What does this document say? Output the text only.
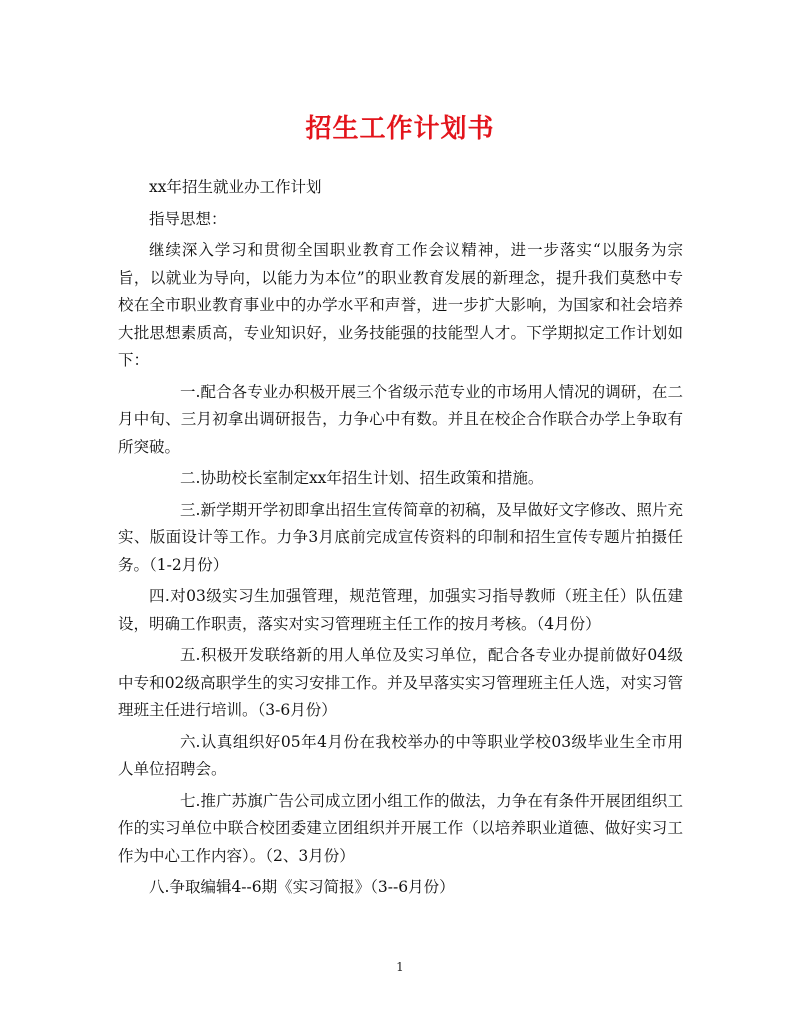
招生工作计划书

xx年招生就业办工作计划

指导思想：

继续深入学习和贯彻全国职业教育工作会议精神，进一步落实“以服务为宗旨，以就业为导向，以能力为本位”的职业教育发展的新理念，提升我们莫愁中专校在全市职业教育事业中的办学水平和声誉，进一步扩大影响，为国家和社会培养大批思想素质高，专业知识好，业务技能强的技能型人才。下学期拟定工作计划如下：

一.配合各专业办积极开展三个省级示范专业的市场用人情况的调研，在二月中旬、三月初拿出调研报告，力争心中有数。并且在校企合作联合办学上争取有所突破。

二.协助校长室制定xx年招生计划、招生政策和措施。

三.新学期开学初即拿出招生宣传简章的初稿，及早做好文字修改、照片充实、版面设计等工作。力争3月底前完成宣传资料的印制和招生宣传专题片拍摄任务。（1-2月份）

四.对03级实习生加强管理，规范管理，加强实习指导教师（班主任）队伍建设，明确工作职责，落实对实习管理班主任工作的按月考核。（4月份）

五.积极开发联络新的用人单位及实习单位，配合各专业办提前做好04级中专和02级高职学生的实习安排工作。并及早落实实习管理班主任人选，对实习管理班主任进行培训。（3-6月份）

六.认真组织好05年4月份在我校举办的中等职业学校03级毕业生全市用人单位招聘会。

七.推广苏旗广告公司成立团小组工作的做法，力争在有条件开展团组织工作的实习单位中联合校团委建立团组织并开展工作（以培养职业道德、做好实习工作为中心工作内容）。（2、3月份）

八.争取编辑4--6期《实习简报》（3--6月份）

1
